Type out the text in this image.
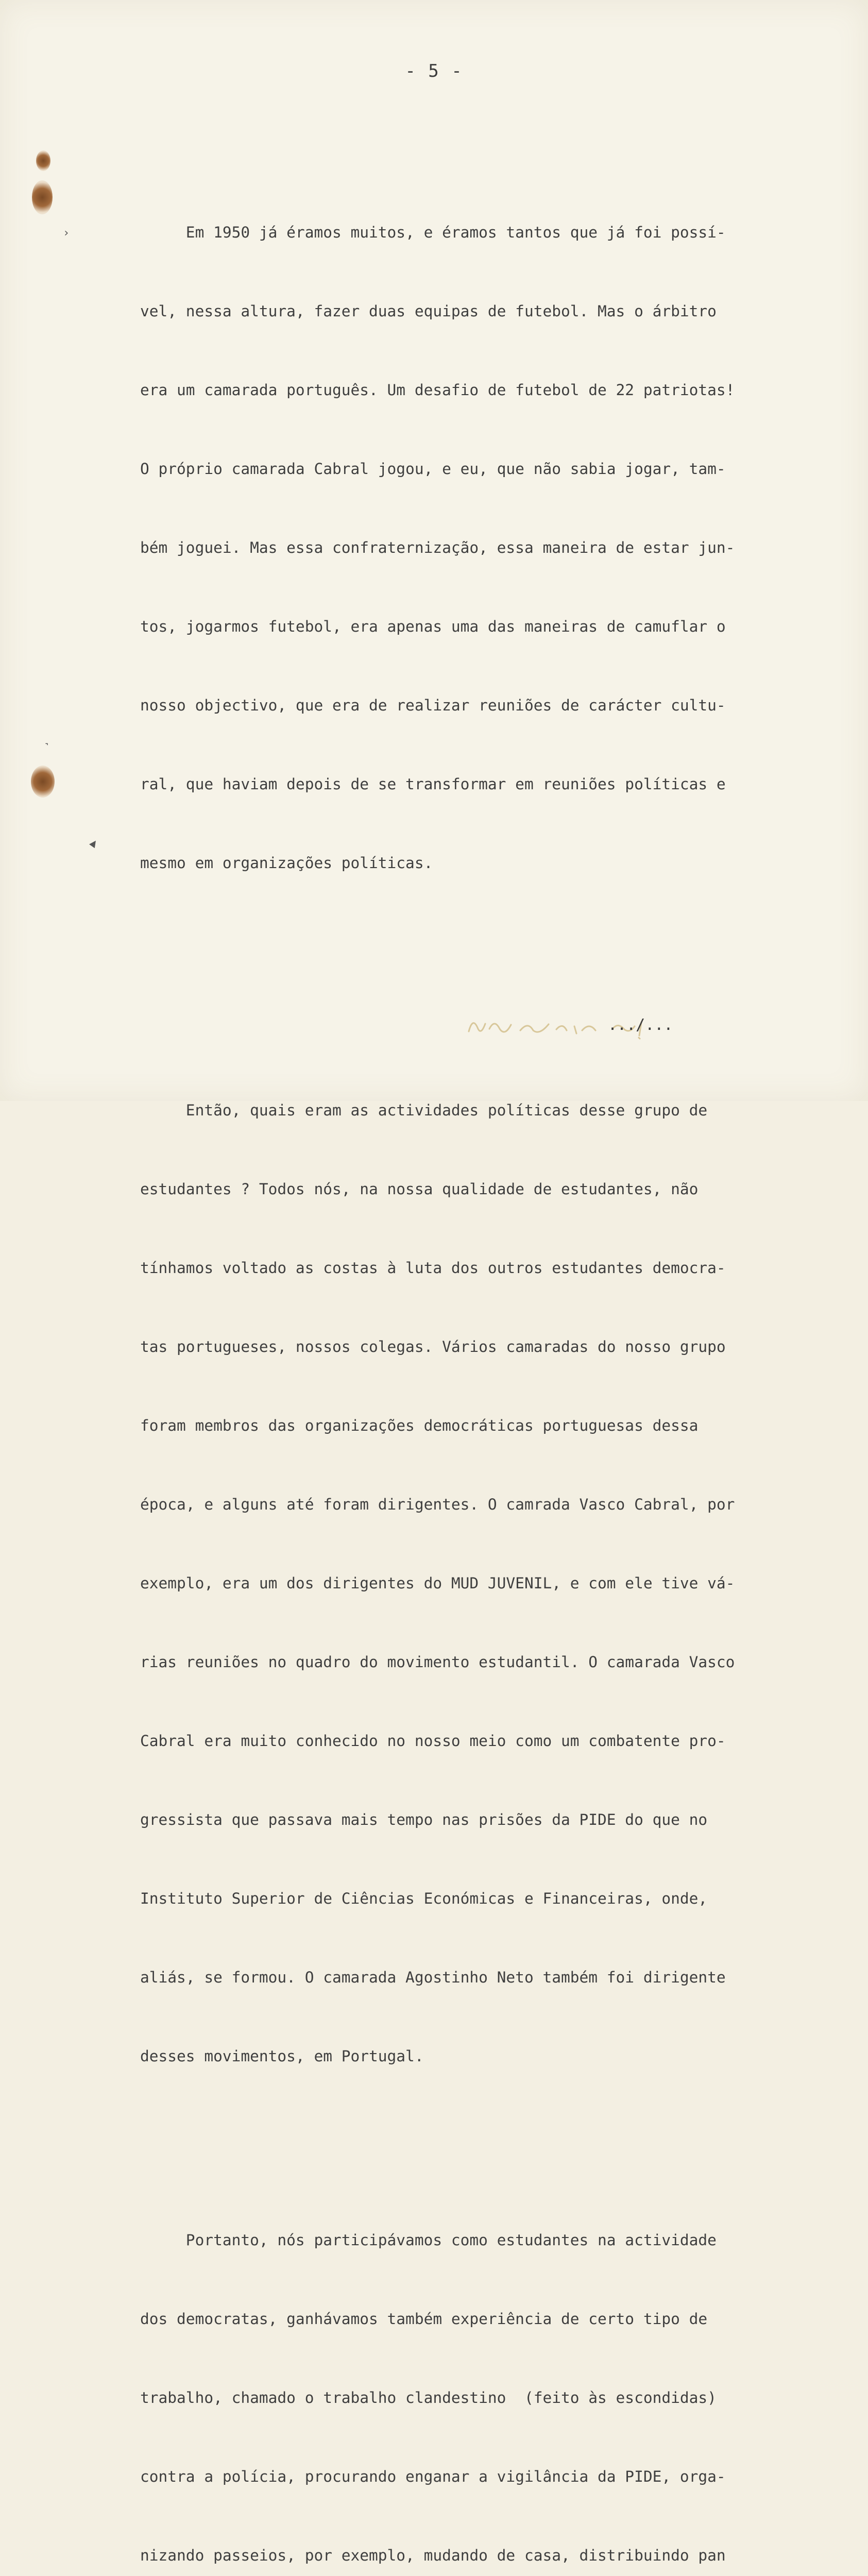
›
˺
▲
- 5 -

Em 1950 já éramos muitos, e éramos tantos que já foi possí-

vel, nessa altura, fazer duas equipas de futebol. Mas o árbitro

era um camarada português. Um desafio de futebol de 22 patriotas!

O próprio camarada Cabral jogou, e eu, que não sabia jogar, tam-

bém joguei. Mas essa confraternização, essa maneira de estar jun-

tos, jogarmos futebol, era apenas uma das maneiras de camuflar o

nosso objectivo, que era de realizar reuniões de carácter cultu-

ral, que haviam depois de se transformar em reuniões políticas e

mesmo em organizações políticas.

Então, quais eram as actividades políticas desse grupo de

estudantes ? Todos nós, na nossa qualidade de estudantes, não

tínhamos voltado as costas à luta dos outros estudantes democra-

tas portugueses, nossos colegas. Vários camaradas do nosso grupo

foram membros das organizações democráticas portuguesas dessa

época, e alguns até foram dirigentes. O camrada Vasco Cabral, por

exemplo, era um dos dirigentes do MUD JUVENIL, e com ele tive vá-

rias reuniões no quadro do movimento estudantil. O camarada Vasco

Cabral era muito conhecido no nosso meio como um combatente pro-

gressista que passava mais tempo nas prisões da PIDE do que no

Instituto Superior de Ciências Económicas e Financeiras, onde,

aliás, se formou. O camarada Agostinho Neto também foi dirigente

desses movimentos, em Portugal.

Portanto, nós participávamos como estudantes na actividade

dos democratas, ganhávamos também experiência de certo tipo de

trabalho, chamado o trabalho clandestino  (feito às escondidas)

contra a polícia, procurando enganar a vigilância da PIDE, orga-

nizando passeios, por exemplo, mudando de casa, distribuindo pan

.../...
